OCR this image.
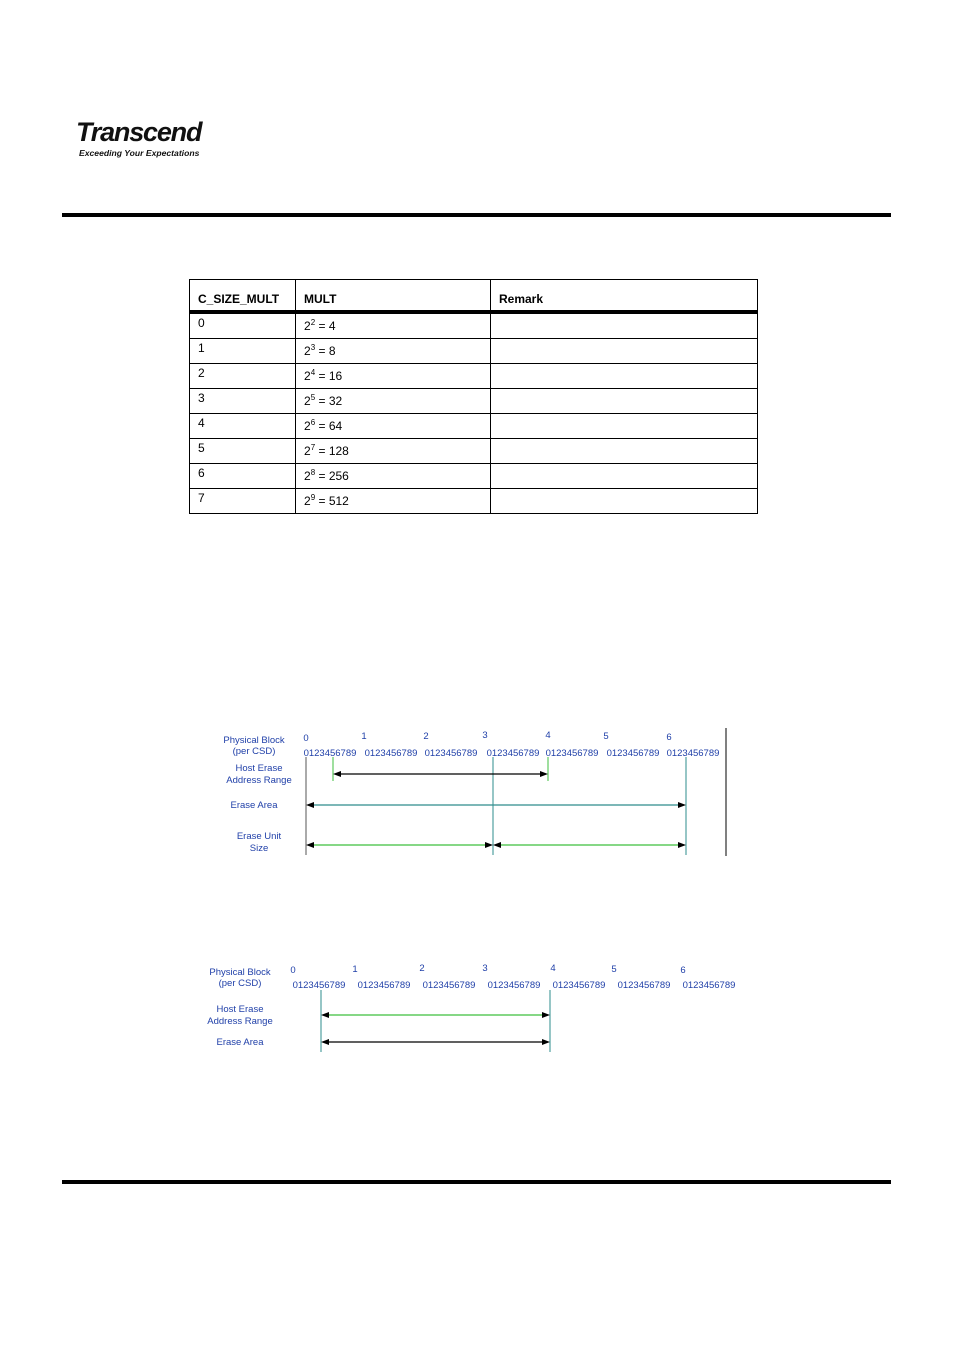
Transcend
Exceeding Your Expectations
C_SIZE_MULT	MULT	Remark
0	$2^2 = 4$	
1	$2^3 = 8$	
2	$2^4 = 16$	
3	$2^5 = 32$	
4	$2^6 = 64$	
5	$2^7 = 128$	
6	$2^8 = 256$	
7	$2^9 = 512$	
Physical Block
(per CSD)
Host Erase
Address Range
Erase Area
Erase Unit
Size
0	1	2	3	4	5	6
0123456789 0123456789 0123456789 0123456789 0123456789 0123456789 0123456789
Physical Block
(per CSD)
Host Erase
Address Range
Erase Area
0	1	2	3	4	5	6
0123456789 0123456789 0123456789 0123456789 0123456789 0123456789 0123456789
